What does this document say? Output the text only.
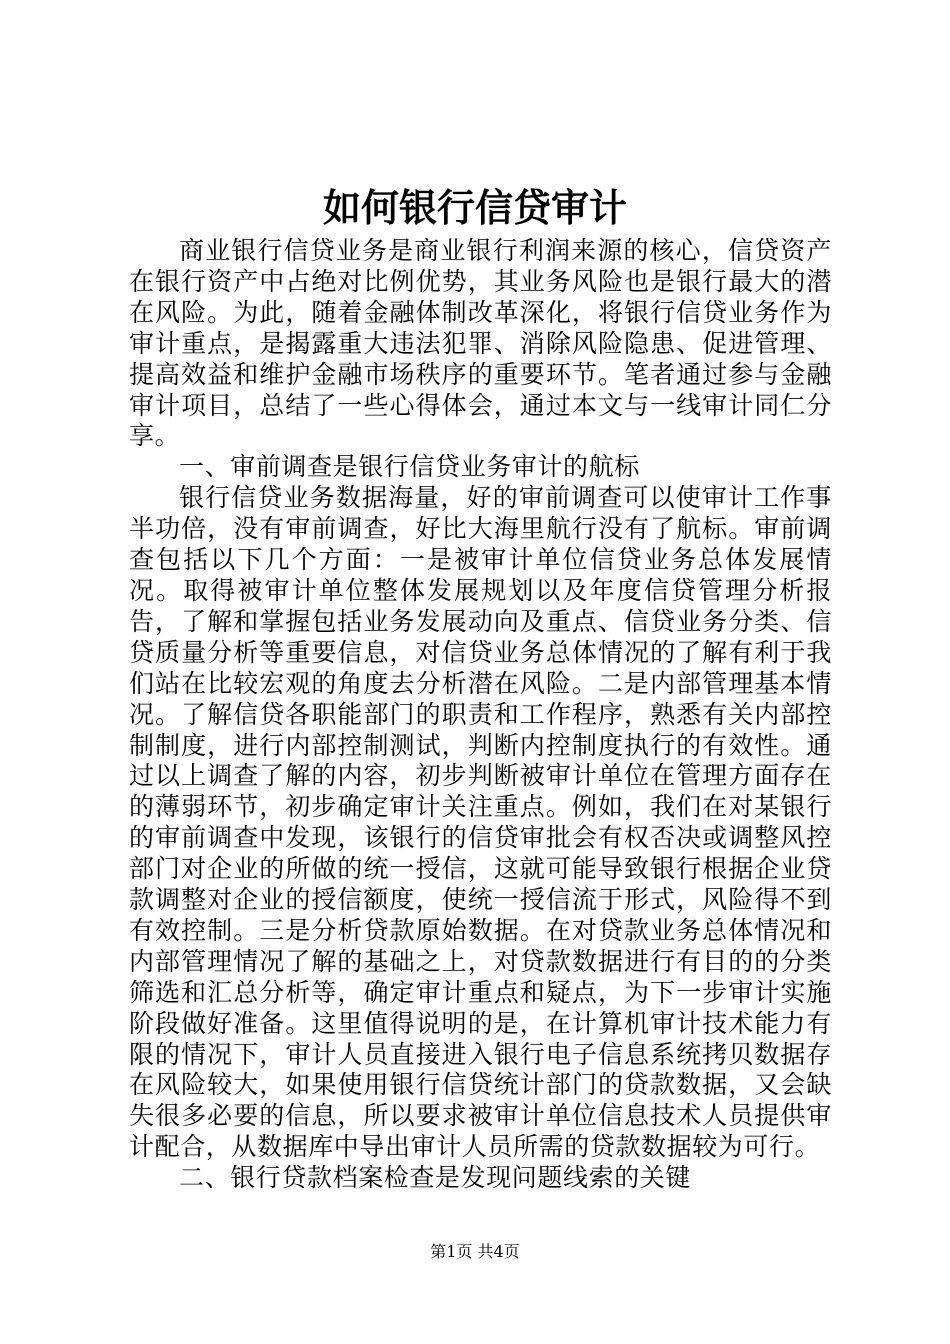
如何银行信贷审计

商业银行信贷业务是商业银行利润来源的核心，信贷资产在银行资产中占绝对比例优势，其业务风险也是银行最大的潜在风险。为此，随着金融体制改革深化，将银行信贷业务作为审计重点，是揭露重大违法犯罪、消除风险隐患、促进管理、提高效益和维护金融市场秩序的重要环节。笔者通过参与金融审计项目，总结了一些心得体会，通过本文与一线审计同仁分享。

一、审前调查是银行信贷业务审计的航标

银行信贷业务数据海量，好的审前调查可以使审计工作事半功倍，没有审前调查，好比大海里航行没有了航标。审前调查包括以下几个方面：一是被审计单位信贷业务总体发展情况。取得被审计单位整体发展规划以及年度信贷管理分析报告，了解和掌握包括业务发展动向及重点、信贷业务分类、信贷质量分析等重要信息，对信贷业务总体情况的了解有利于我们站在比较宏观的角度去分析潜在风险。二是内部管理基本情况。了解信贷各职能部门的职责和工作程序，熟悉有关内部控制制度，进行内部控制测试，判断内控制度执行的有效性。通过以上调查了解的内容，初步判断被审计单位在管理方面存在的薄弱环节，初步确定审计关注重点。例如，我们在对某银行的审前调查中发现，该银行的信贷审批会有权否决或调整风控部门对企业的所做的统一授信，这就可能导致银行根据企业贷款调整对企业的授信额度，使统一授信流于形式，风险得不到有效控制。三是分析贷款原始数据。在对贷款业务总体情况和内部管理情况了解的基础之上，对贷款数据进行有目的的分类筛选和汇总分析等，确定审计重点和疑点，为下一步审计实施阶段做好准备。这里值得说明的是，在计算机审计技术能力有限的情况下，审计人员直接进入银行电子信息系统拷贝数据存在风险较大，如果使用银行信贷统计部门的贷款数据，又会缺失很多必要的信息，所以要求被审计单位信息技术人员提供审计配合，从数据库中导出审计人员所需的贷款数据较为可行。

二、银行贷款档案检查是发现问题线索的关键

第1页 共4页
